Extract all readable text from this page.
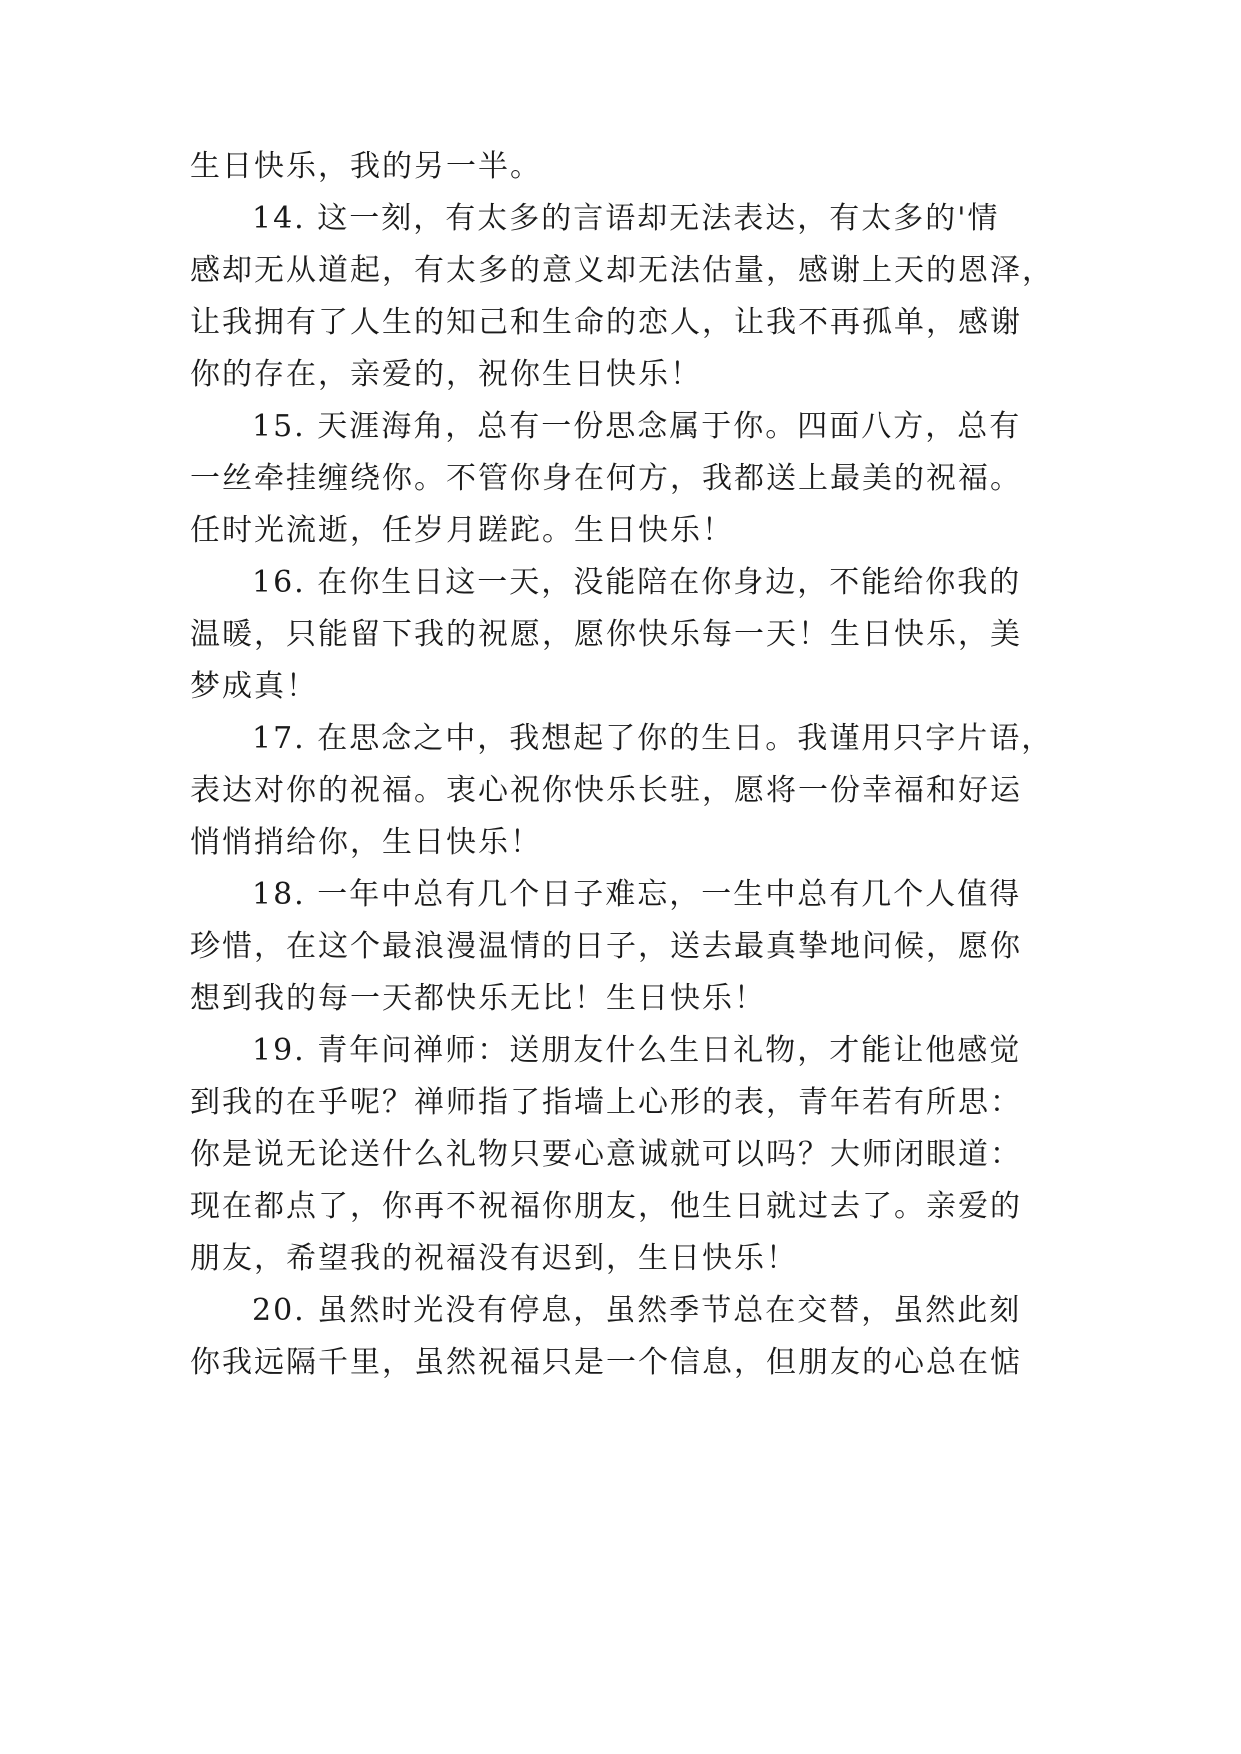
生日快乐，我的另一半。
14. 这一刻，有太多的言语却无法表达，有太多的'情
感却无从道起，有太多的意义却无法估量，感谢上天的恩泽，
让我拥有了人生的知己和生命的恋人，让我不再孤单，感谢
你的存在，亲爱的，祝你生日快乐！
15. 天涯海角，总有一份思念属于你。四面八方，总有
一丝牵挂缠绕你。不管你身在何方，我都送上最美的祝福。
任时光流逝，任岁月蹉跎。生日快乐！
16. 在你生日这一天，没能陪在你身边，不能给你我的
温暖，只能留下我的祝愿，愿你快乐每一天！生日快乐，美
梦成真！
17. 在思念之中，我想起了你的生日。我谨用只字片语，
表达对你的祝福。衷心祝你快乐长驻，愿将一份幸福和好运
悄悄捎给你，生日快乐！
18. 一年中总有几个日子难忘，一生中总有几个人值得
珍惜，在这个最浪漫温情的日子，送去最真挚地问候，愿你
想到我的每一天都快乐无比！生日快乐！
19. 青年问禅师：送朋友什么生日礼物，才能让他感觉
到我的在乎呢？禅师指了指墙上心形的表，青年若有所思：
你是说无论送什么礼物只要心意诚就可以吗？大师闭眼道：
现在都点了，你再不祝福你朋友，他生日就过去了。亲爱的
朋友，希望我的祝福没有迟到，生日快乐！
20. 虽然时光没有停息，虽然季节总在交替，虽然此刻
你我远隔千里，虽然祝福只是一个信息，但朋友的心总在惦
